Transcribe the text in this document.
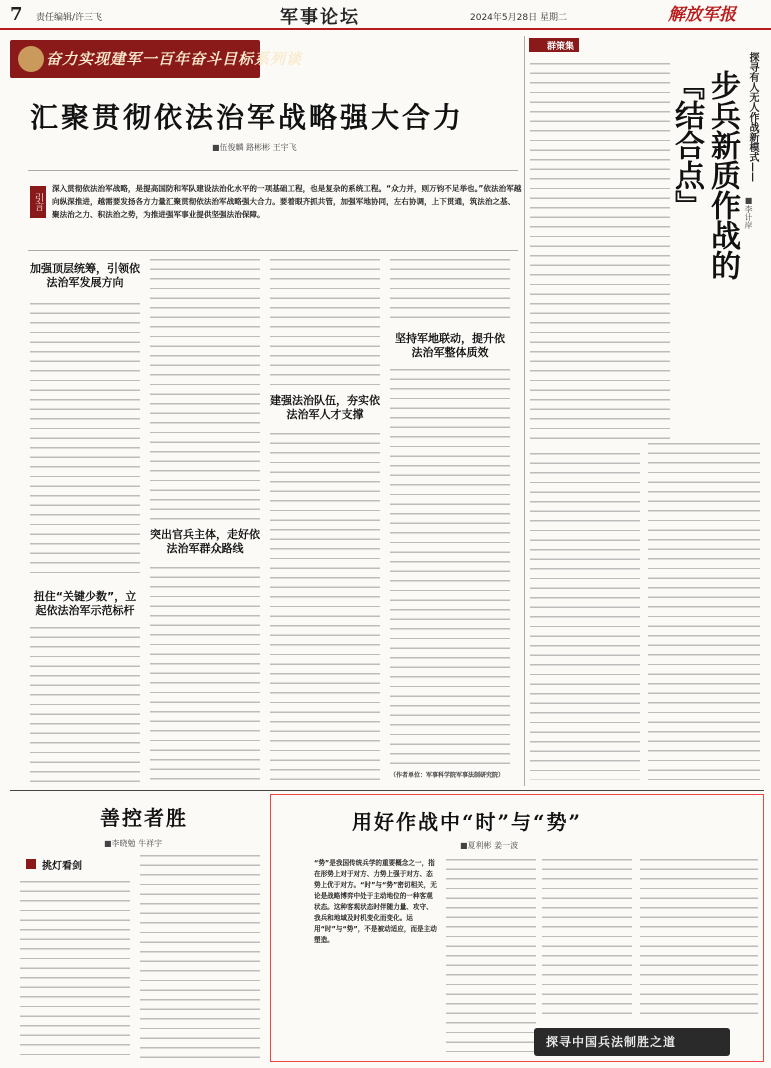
7 责任编辑/许三飞	军事论坛	2024年5月28日 星期二	解放军报
奋力实现建军一百年奋斗目标系列谈
汇聚贯彻依法治军战略强大合力
■伍俊麟 路彬彬 王宇飞
引言
深入贯彻依法治军战略，是提高国防和军队建设法治化水平的一项基础工程，也是复杂的系统工程。“众力并，则万钧不足举也。”依法治军越向纵深推进，越需要发扬各方力量汇聚贯彻依法治军战略强大合力。要着眼齐抓共管，加强军地协同，左右协调，上下贯通，筑法治之基、聚法治之力、积法治之势，为推进强军事业提供坚强法治保障。
加强顶层统筹，引领依法治军发展方向
扭住“关键少数”，立起依法治军示范标杆
突出官兵主体，走好依法治军群众路线
建强法治队伍，夯实依法治军人才支撑
坚持军地联动，提升依法治军整体质效
（作者单位：军事科学院军事法制研究院）
群策集
步兵新质作战的『结合点』	探寻有人无人作战新模式——
■李计岸
善控者胜
■李晓勉 牛祥宇
挑灯看剑
用好作战中“时”与“势”
■夏利彬 姜一波
“势”是我国传统兵学的重要概念之一，指在形势上对于对方、力势上强于对方、态势上优于对方。“时”与“势”密切相关，无论是战略博弈中处于主动地位的一种客观状态。这种客观状态时伴随力量、攻守、我兵和地域及时机变化而变化。运用“时”与“势”，不是被动适应，而是主动塑造。
探寻中国兵法制胜之道
